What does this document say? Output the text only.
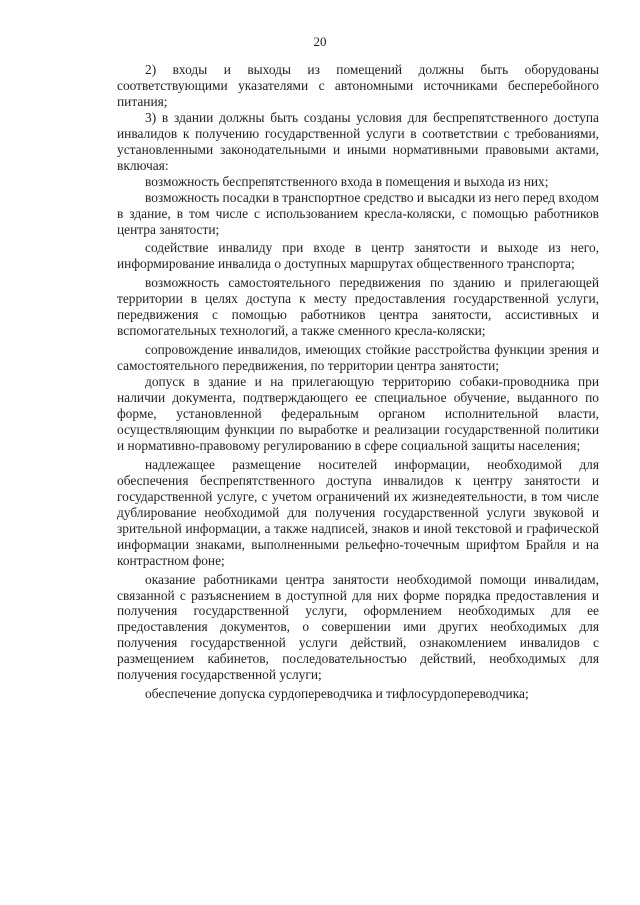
20

2) входы и выходы из помещений должны быть оборудованы соответствующими указателями с автономными источниками бесперебойного питания;

3) в здании должны быть созданы условия для беспрепятственного доступа инвалидов к получению государственной услуги в соответствии с требованиями, установленными законодательными и иными нормативными правовыми актами, включая:

возможность беспрепятственного входа в помещения и выхода из них;

возможность посадки в транспортное средство и высадки из него перед входом в здание, в том числе с использованием кресла-коляски, с помощью работников центра занятости;

содействие инвалиду при входе в центр занятости и выходе из него, информирование инвалида о доступных маршрутах общественного транспорта;

возможность самостоятельного передвижения по зданию и прилегающей территории в целях доступа к месту предоставления государственной услуги, передвижения с помощью работников центра занятости, ассистивных и вспомогательных технологий, а также сменного кресла-коляски;

сопровождение инвалидов, имеющих стойкие расстройства функции зрения и самостоятельного передвижения, по территории центра занятости;

допуск в здание и на прилегающую территорию собаки-проводника при наличии документа, подтверждающего ее специальное обучение, выданного по форме, установленной федеральным органом исполнительной власти, осуществляющим функции по выработке и реализации государственной политики и нормативно-правовому регулированию в сфере социальной защиты населения;

надлежащее размещение носителей информации, необходимой для обеспечения беспрепятственного доступа инвалидов к центру занятости и государственной услуге, с учетом ограничений их жизнедеятельности, в том числе дублирование необходимой для получения государственной услуги звуковой и зрительной информации, а также надписей, знаков и иной текстовой и графической информации знаками, выполненными рельефно-точечным шрифтом Брайля и на контрастном фоне;

оказание работниками центра занятости необходимой помощи инвалидам, связанной с разъяснением в доступной для них форме порядка предоставления и получения государственной услуги, оформлением необходимых для ее предоставления документов, о совершении ими других необходимых для получения государственной услуги действий, ознакомлением инвалидов с размещением кабинетов, последовательностью действий, необходимых для получения государственной услуги;

обеспечение допуска сурдопереводчика и тифлосурдопереводчика;
